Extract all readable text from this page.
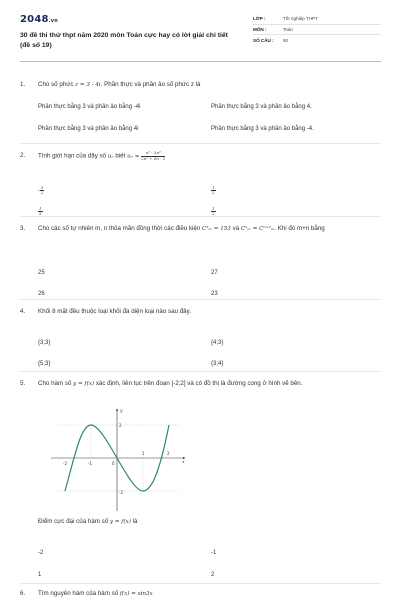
2048.vn
30 đề thi thử thpt năm 2020 môn Toán cực hay có lời giải chi tiết (đề số 19)
LỚP :	Tốt nghiệp THPT
MÔN :	Toán
SỐ CÂU :	50
1.	Cho số phức z = 3 - 4i. Phần thực và phần ảo số phức z là
Phần thực bằng 3 và phần ảo bằng -4i	Phần thực bằng 3 và phần ảo bằng 4.
Phần thực bằng 3 và phần ảo bằng 4i	Phần thực bằng 3 và phần ảo bằng -4.
2.	Tính giới hạn của dãy số uₙ biết $u_n = \frac{\text{n³ - 3n³}}{\text{2n³ + 5n - 2}}$
- $\frac{3}{2}$	$\frac{1}{2}$
$\frac{1}{5}$	$\frac{1}{2}$
3.	Cho các số tự nhiên m, n thỏa mãn đồng thời các điều kiện C²ₘ = 153 và Cⁿₘ = Cⁿ⁺²ₘ. Khi đó m+n bằng
25	27
26	23
4.	Khối 8 mặt đều thuộc loại khối đa diện loại nào sau đây.
{3;3}	{4;3}
{5;3}	{3;4}
5.	Cho hàm số y = f(x) xác định, liên tục trên đoạn [-2;2] và có đồ thị là đường cong ở hình vẽ bên.
-2	-1	0
1	2
2
-2
x
y
Điểm cực đại của hàm số y = f(x) là
-2	-1
1	2
6.	Tìm nguyên hàm của hàm số f(x) = sin3x
